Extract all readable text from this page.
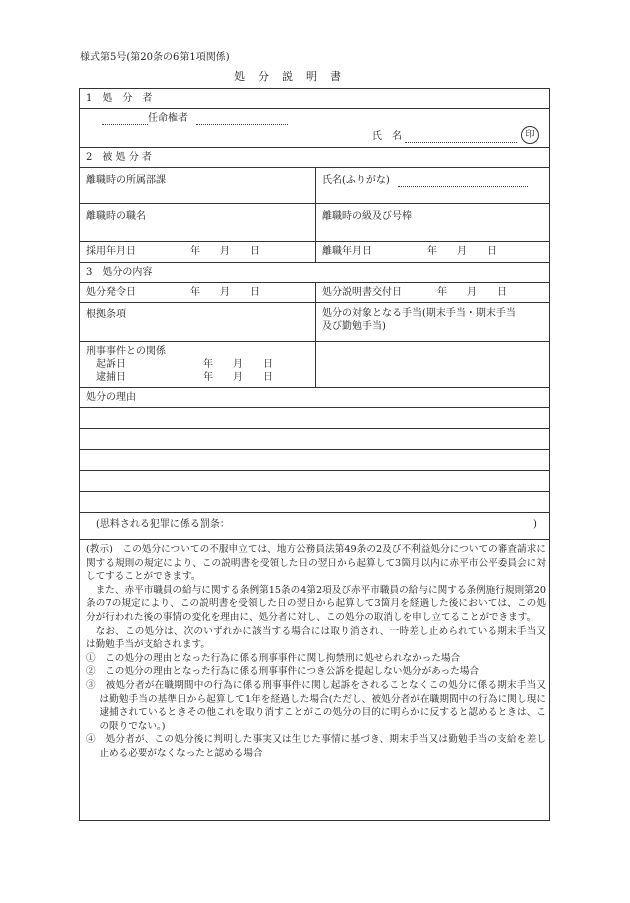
様式第5号(第20条の6第1項関係)
処　分　説　明　書
1　処　分　者
任命権者
氏　名	印
2　被 処 分 者
離職時の所属部課	氏名(ふりがな)
離職時の職名	離職時の級及び号棒
採用年月日	年　　月　　日	離職年月日	年　　月　　日
3　処分の内容
処分発令日	年　　月　　日	処分説明書交付日	年　　月　　日
根拠条項	処分の対象となる手当(期末手当・期末手当
及び勤勉手当)
刑事事件との関係
起訴日	年　　月　　日
逮捕日	年　　月　　日
処分の理由
(思料される犯罪に係る罰条：	)

(教示)　この処分についての不服申立ては、地方公務員法第49条の2及び不利益処分についての審査請求に関する規則の規定により、この説明書を受領した日の翌日から起算して3箇月以内に赤平市公平委員会に対してすることができます。

また、赤平市職員の給与に関する条例第15条の4第2項及び赤平市職員の給与に関する条例施行規則第20条の7の規定により、この説明書を受領した日の翌日から起算して3箇月を経過した後においては、この処分が行われた後の事情の変化を理由に、処分者に対し、この処分の取消しを申し立てることができます。

なお、この処分は、次のいずれかに該当する場合には取り消され、一時差し止められている期末手当又は勤勉手当が支給されます。

①　この処分の理由となった行為に係る刑事事件に関し拘禁刑に処せられなかった場合

②　この処分の理由となった行為に係る刑事事件につき公訴を提起しない処分があった場合

③　被処分者が在職期間中の行為に係る刑事事件に関し起訴をされることなくこの処分に係る期末手当又は勤勉手当の基準日から起算して1年を経過した場合(ただし、被処分者が在職期間中の行為に関し現に逮捕されているときその他これを取り消すことがこの処分の目的に明らかに反すると認めるときは、この限りでない。)

④　処分者が、この処分後に判明した事実又は生じた事情に基づき、期末手当又は勤勉手当の支給を差し止める必要がなくなったと認める場合
